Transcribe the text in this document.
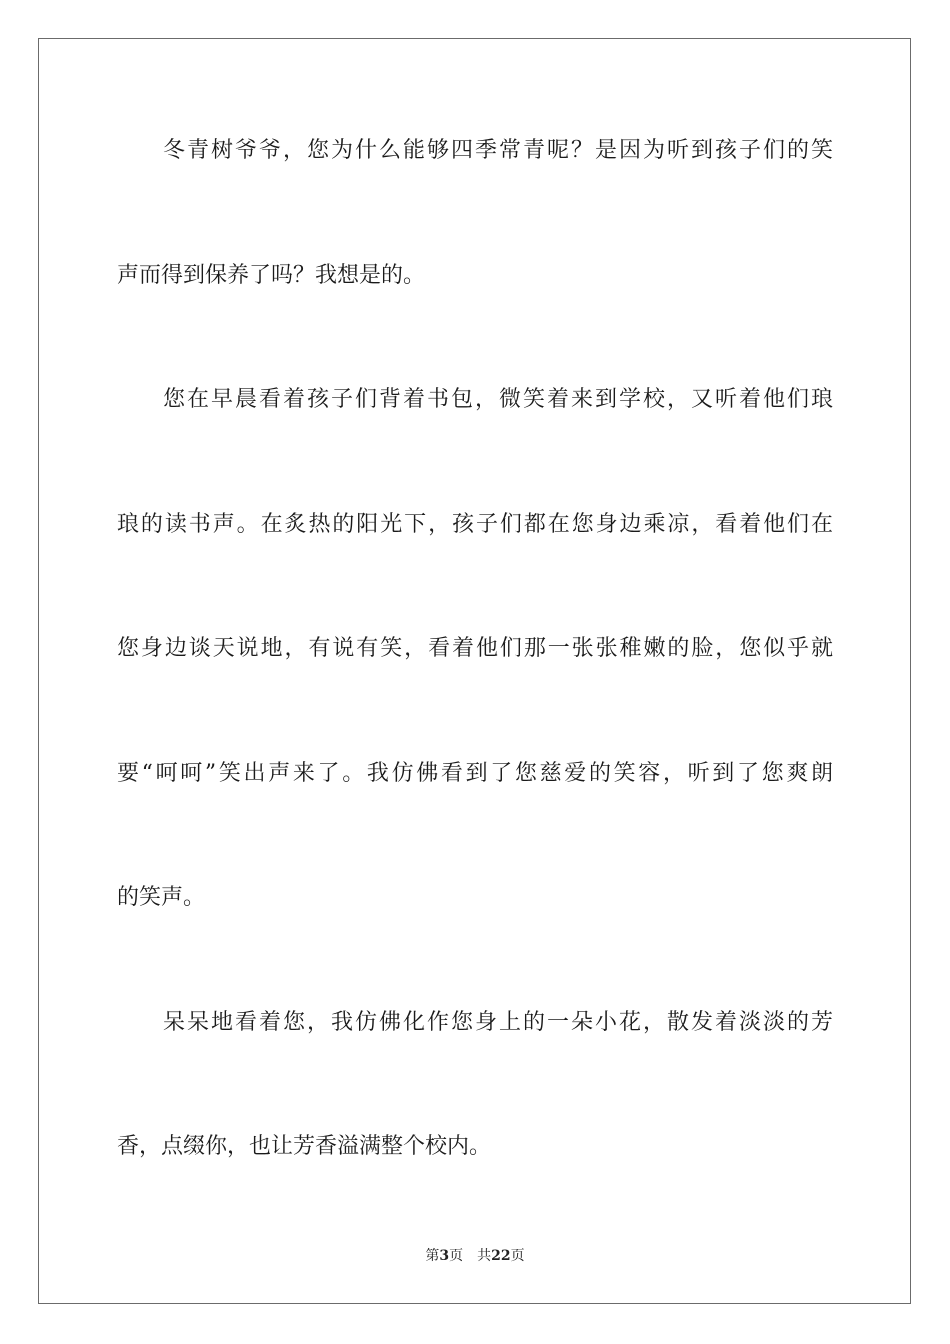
冬青树爷爷，您为什么能够四季常青呢？是因为听到孩子们的笑
声而得到保养了吗？我想是的。
您在早晨看着孩子们背着书包，微笑着来到学校，又听着他们琅
琅的读书声。在炙热的阳光下，孩子们都在您身边乘凉，看着他们在
您身边谈天说地，有说有笑，看着他们那一张张稚嫩的脸，您似乎就
要“呵呵”笑出声来了。我仿佛看到了您慈爱的笑容，听到了您爽朗
的笑声。
呆呆地看着您，我仿佛化作您身上的一朵小花，散发着淡淡的芳
香，点缀你，也让芳香溢满整个校内。
第3页 共22页
